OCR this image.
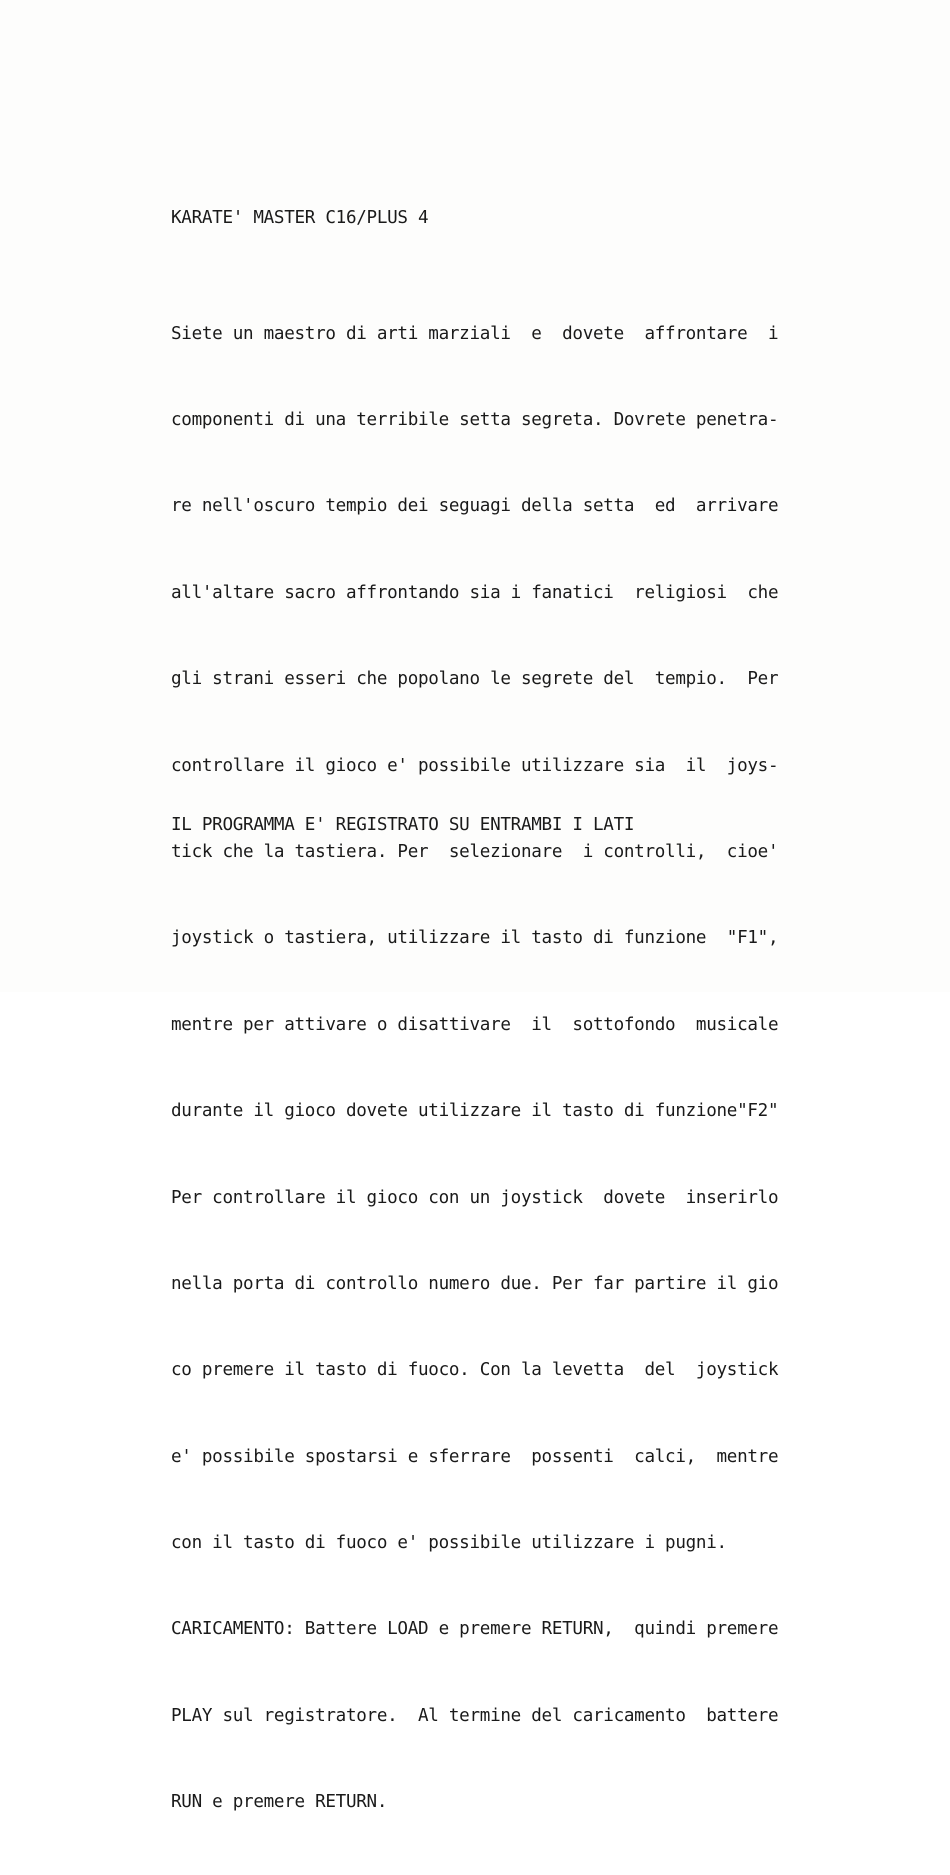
KARATE' MASTER C16/PLUS 4

Siete un maestro di arti marziali  e  dovete  affrontare  i

componenti di una terribile setta segreta. Dovrete penetra-

re nell'oscuro tempio dei seguagi della setta  ed  arrivare

all'altare sacro affrontando sia i fanatici  religiosi  che

gli strani esseri che popolano le segrete del  tempio.  Per

controllare il gioco e' possibile utilizzare sia  il  joys-

tick che la tastiera. Per  selezionare  i controlli,  cioe'

joystick o tastiera, utilizzare il tasto di funzione  "F1",

mentre per attivare o disattivare  il  sottofondo  musicale

durante il gioco dovete utilizzare il tasto di funzione"F2"

Per controllare il gioco con un joystick  dovete  inserirlo

nella porta di controllo numero due. Per far partire il gio

co premere il tasto di fuoco. Con la levetta  del  joystick

e' possibile spostarsi e sferrare  possenti  calci,  mentre

con il tasto di fuoco e' possibile utilizzare i pugni.

CARICAMENTO: Battere LOAD e premere RETURN,  quindi premere

PLAY sul registratore.  Al termine del caricamento  battere

RUN e premere RETURN.

IL PROGRAMMA E' REGISTRATO SU ENTRAMBI I LATI
